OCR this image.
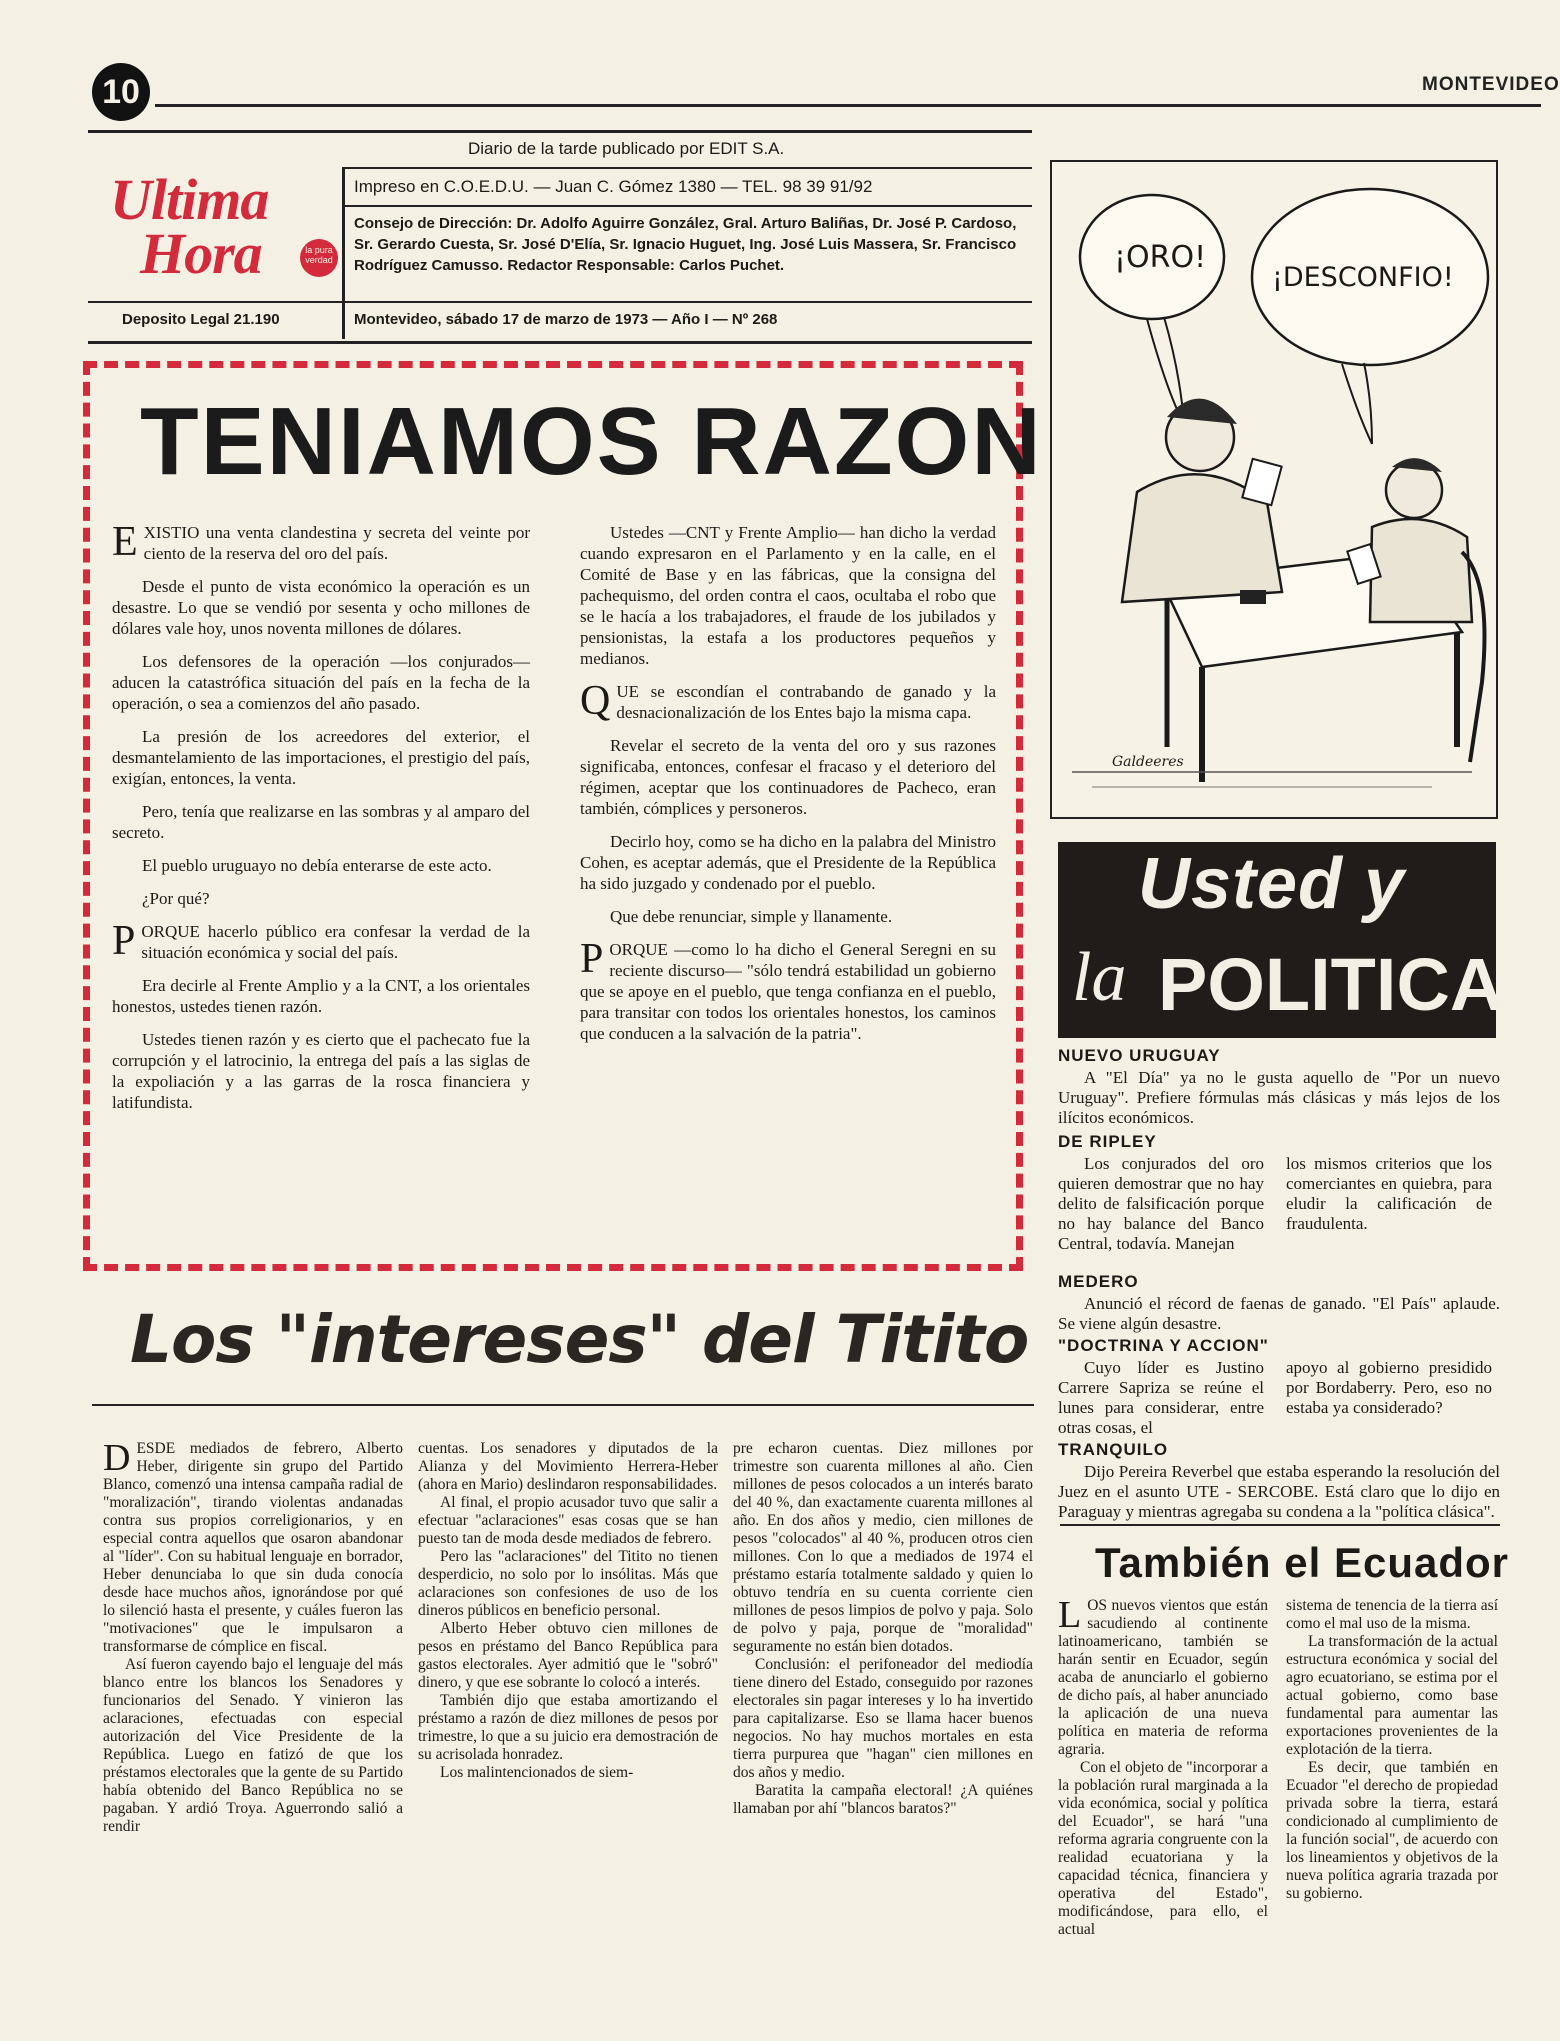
10	MONTEVIDEO
Ultima
Hora	la pura verdad
Diario de la tarde publicado por EDIT S.A.
Impreso en C.O.E.D.U. — Juan C. Gómez 1380 — TEL. 98 39 91/92
Consejo de Dirección: Dr. Adolfo Aguirre González, Gral. Arturo Baliñas, Dr. José P. Cardoso, Sr. Gerardo Cuesta, Sr. José D'Elía, Sr. Ignacio Huguet, Ing. José Luis Massera, Sr. Francisco Rodríguez Camusso. Redactor Responsable: Carlos Puchet.
Deposito Legal 21.190	Montevideo, sábado 17 de marzo de 1973 — Año I — Nº 268
TENIAMOS RAZON

EXISTIO una venta clandestina y secreta del veinte por ciento de la reserva del oro del país.

Desde el punto de vista económico la operación es un desastre. Lo que se vendió por sesenta y ocho millones de dólares vale hoy, unos noventa millones de dólares.

Los defensores de la operación —los conjurados— aducen la catastrófica situación del país en la fecha de la operación, o sea a comienzos del año pasado.

La presión de los acreedores del exterior, el desmantelamiento de las importaciones, el prestigio del país, exigían, entonces, la venta.

Pero, tenía que realizarse en las sombras y al amparo del secreto.

El pueblo uruguayo no debía enterarse de este acto.

¿Por qué?

PORQUE hacerlo público era confesar la verdad de la situación económica y social del país.

Era decirle al Frente Amplio y a la CNT, a los orientales honestos, ustedes tienen razón.

Ustedes tienen razón y es cierto que el pachecato fue la corrupción y el latrocinio, la entrega del país a las siglas de la expoliación y a las garras de la rosca financiera y latifundista.

Ustedes —CNT y Frente Amplio— han dicho la verdad cuando expresaron en el Parlamento y en la calle, en el Comité de Base y en las fábricas, que la consigna del pachequismo, del orden contra el caos, ocultaba el robo que se le hacía a los trabajadores, el fraude de los jubilados y pensionistas, la estafa a los productores pequeños y medianos.

QUE se escondían el contrabando de ganado y la desnacionalización de los Entes bajo la misma capa.

Revelar el secreto de la venta del oro y sus razones significaba, entonces, confesar el fracaso y el deterioro del régimen, aceptar que los continuadores de Pacheco, eran también, cómplices y personeros.

Decirlo hoy, como se ha dicho en la palabra del Ministro Cohen, es aceptar además, que el Presidente de la República ha sido juzgado y condenado por el pueblo.

Que debe renunciar, simple y llanamente.

PORQUE —como lo ha dicho el General Seregni en su reciente discurso— "sólo tendrá estabilidad un gobierno que se apoye en el pueblo, que tenga confianza en el pueblo, para transitar con todos los orientales honestos, los caminos que conducen a la salvación de la patria".

¡ORO!
¡DESCONFIO!
Galdeeres
Usted y
la POLITICA
NUEVO URUGUAY

A "El Día" ya no le gusta aquello de "Por un nuevo Uruguay". Prefiere fórmulas más clásicas y más lejos de los ilícitos económicos.

DE RIPLEY

Los conjurados del oro quieren demostrar que no hay delito de falsificación porque no hay balance del Banco Central, todavía. Manejan

los mismos criterios que los comerciantes en quiebra, para eludir la calificación de fraudulenta.

MEDERO

Anunció el récord de faenas de ganado. "El País" aplaude. Se viene algún desastre.

"DOCTRINA Y ACCION"

Cuyo líder es Justino Carrere Sapriza se reúne el lunes para considerar, entre otras cosas, el

apoyo al gobierno presidido por Bordaberry. Pero, eso no estaba ya considerado?

TRANQUILO

Dijo Pereira Reverbel que estaba esperando la resolución del Juez en el asunto UTE - SERCOBE. Está claro que lo dijo en Paraguay y mientras agregaba su condena a la "política clásica".

También el Ecuador

LOS nuevos vientos que están sacudiendo al continente latinoamericano, también se harán sentir en Ecuador, según acaba de anunciarlo el gobierno de dicho país, al haber anunciado la aplicación de una nueva política en materia de reforma agraria.

Con el objeto de "incorporar a la población rural marginada a la vida económica, social y política del Ecuador", se hará "una reforma agraria congruente con la realidad ecuatoriana y la capacidad técnica, financiera y operativa del Estado", modificándose, para ello, el actual

sistema de tenencia de la tierra así como el mal uso de la misma.

La transformación de la actual estructura económica y social del agro ecuatoriano, se estima por el actual gobierno, como base fundamental para aumentar las exportaciones provenientes de la explotación de la tierra.

Es decir, que también en Ecuador "el derecho de propiedad privada sobre la tierra, estará condicionado al cumplimiento de la función social", de acuerdo con los lineamientos y objetivos de la nueva política agraria trazada por su gobierno.

Los "intereses" del Titito

DESDE mediados de febrero, Alberto Heber, dirigente sin grupo del Partido Blanco, comenzó una intensa campaña radial de "moralización", tirando violentas andanadas contra sus propios correligionarios, y en especial contra aquellos que osaron abandonar al "líder". Con su habitual lenguaje en borrador, Heber denunciaba lo que sin duda conocía desde hace muchos años, ignorándose por qué lo silenció hasta el presente, y cuáles fueron las "motivaciones" que le impulsaron a transformarse de cómplice en fiscal.

Así fueron cayendo bajo el lenguaje del más blanco entre los blancos los Senadores y funcionarios del Senado. Y vinieron las aclaraciones, efectuadas con especial autorización del Vice Presidente de la República. Luego en fatizó de que los préstamos electorales que la gente de su Partido había obtenido del Banco República no se pagaban. Y ardió Troya. Aguerrondo salió a rendir

cuentas. Los senadores y diputados de la Alianza y del Movimiento Herrera-Heber (ahora en Mario) deslindaron responsabilidades.

Al final, el propio acusador tuvo que salir a efectuar "aclaraciones" esas cosas que se han puesto tan de moda desde mediados de febrero.

Pero las "aclaraciones" del Titito no tienen desperdicio, no solo por lo insólitas. Más que aclaraciones son confesiones de uso de los dineros públicos en beneficio personal.

Alberto Heber obtuvo cien millones de pesos en préstamo del Banco República para gastos electorales. Ayer admitió que le "sobró" dinero, y que ese sobrante lo colocó a interés.

También dijo que estaba amortizando el préstamo a razón de diez millones de pesos por trimestre, lo que a su juicio era demostración de su acrisolada honradez.

Los malintencionados de siem-

pre echaron cuentas. Diez millones por trimestre son cuarenta millones al año. Cien millones de pesos colocados a un interés barato del 40 %, dan exactamente cuarenta millones al año. En dos años y medio, cien millones de pesos "colocados" al 40 %, producen otros cien millones. Con lo que a mediados de 1974 el préstamo estaría totalmente saldado y quien lo obtuvo tendría en su cuenta corriente cien millones de pesos limpios de polvo y paja. Solo de polvo y paja, porque de "moralidad" seguramente no están bien dotados.

Conclusión: el perifoneador del mediodía tiene dinero del Estado, conseguido por razones electorales sin pagar intereses y lo ha invertido para capitalizarse. Eso se llama hacer buenos negocios. No hay muchos mortales en esta tierra purpurea que "hagan" cien millones en dos años y medio.

Baratita la campaña electoral! ¿A quiénes llamaban por ahí "blancos baratos?"
